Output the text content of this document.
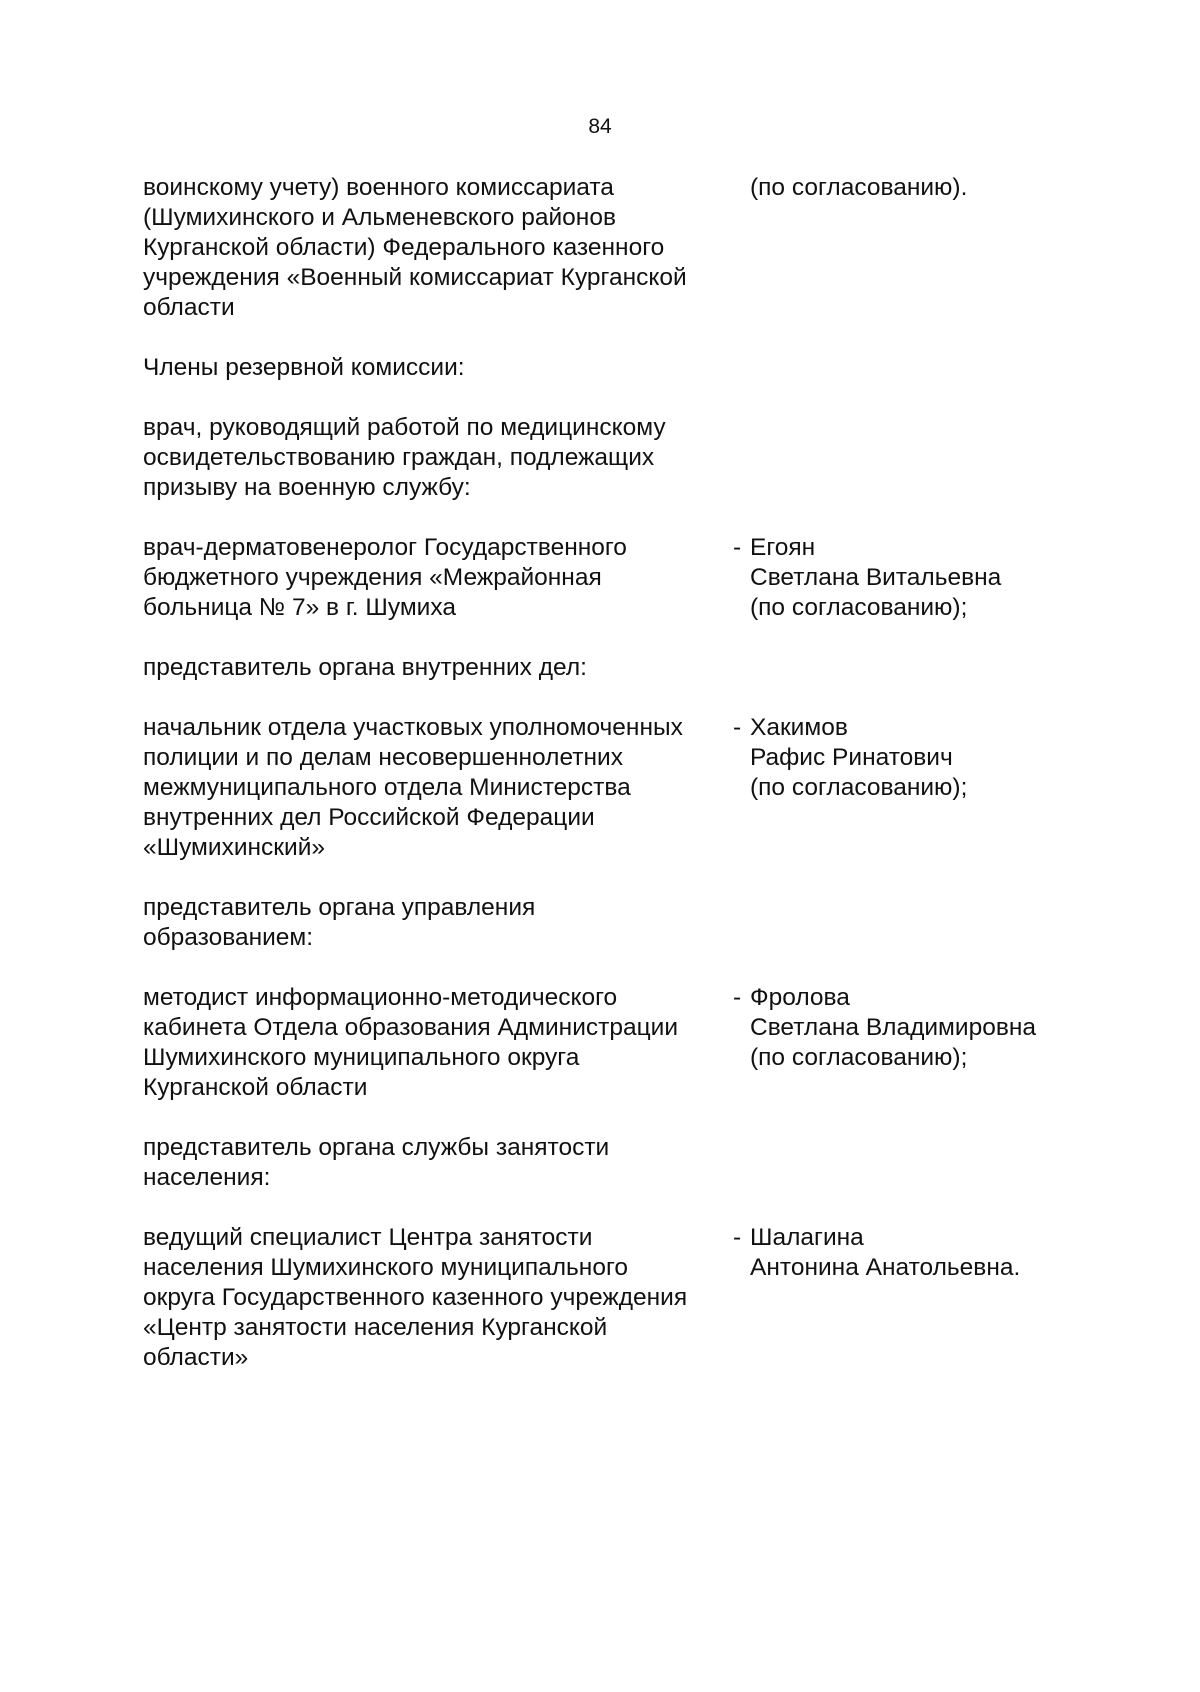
84
воинскому учету) военного комиссариата
(Шумихинского и Альменевского районов
Курганской области) Федерального казенного
учреждения «Военный комиссариат Курганской
области
(по согласованию).
Члены резервной комиссии:
врач, руководящий работой по медицинскому
освидетельствованию граждан, подлежащих
призыву на военную службу:
врач-дерматовенеролог Государственного
бюджетного учреждения «Межрайонная
больница № 7» в г. Шумиха
- Егоян
Светлана Витальевна
(по согласованию);
представитель органа внутренних дел:
начальник отдела участковых уполномоченных
полиции и по делам несовершеннолетних
межмуниципального отдела Министерства
внутренних дел Российской Федерации
«Шумихинский»
- Хакимов
Рафис Ринатович
(по согласованию);
представитель органа управления
образованием:
методист информационно-методического
кабинета Отдела образования Администрации
Шумихинского муниципального округа
Курганской области
- Фролова
Светлана Владимировна
(по согласованию);
представитель органа службы занятости
населения:
ведущий специалист Центра занятости
населения Шумихинского муниципального
округа Государственного казенного учреждения
«Центр занятости населения Курганской
области»
- Шалагина
Антонина Анатольевна.
